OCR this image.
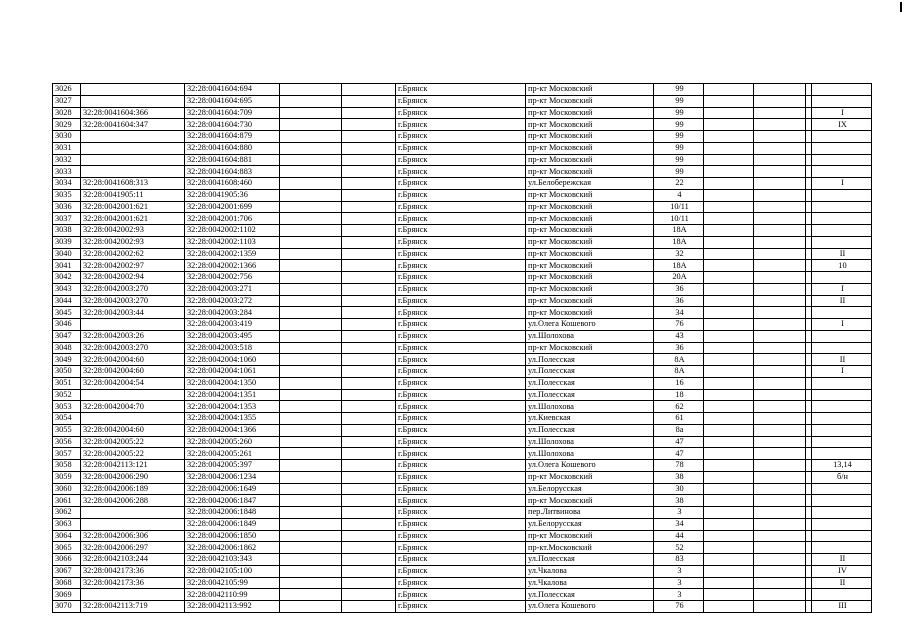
3026		32:28:0041604:694			г.Брянск	пр-кт Московский	99				
3027		32:28:0041604:695			г.Брянск	пр-кт Московский	99				
3028	32:28:0041604:366	32:28:0041604:709			г.Брянск	пр-кт Московский	99				I
3029	32:28:0041604:347	32:28:0041604:730			г.Брянск	пр-кт Московский	99				IX
3030		32:28:0041604:879			г.Брянск	пр-кт Московский	99				
3031		32:28:0041604:880			г.Брянск	пр-кт Московский	99				
3032		32:28:0041604:881			г.Брянск	пр-кт Московский	99				
3033		32:28:0041604:883			г.Брянск	пр-кт Московский	99				
3034	32:28:0041608:313	32:28:0041608:460			г.Брянск	ул.Белобережская	22				I
3035	32:28:0041905:11	32:28:0041905:36			г.Брянск	пр-кт Московский	4				
3036	32:28:0042001:621	32:28:0042001:699			г.Брянск	пр-кт Московский	10/11				
3037	32:28:0042001:621	32:28:0042001:706			г.Брянск	пр-кт Московский	10/11				
3038	32:28:0042002:93	32:28:0042002:1102			г.Брянск	пр-кт Московский	18А				
3039	32:28:0042002:93	32:28:0042002:1103			г.Брянск	пр-кт Московский	18А				
3040	32:28:0042002:62	32:28:0042002:1359			г.Брянск	пр-кт Московский	32				II
3041	32:28:0042002:97	32:28:0042002:1366			г.Брянск	пр-кт Московский	18А				10
3042	32:28:0042002:94	32:28:0042002:756			г.Брянск	пр-кт Московский	20А				
3043	32:28:0042003:270	32:28:0042003:271			г.Брянск	пр-кт Московский	36				I
3044	32:28:0042003:270	32:28:0042003:272			г.Брянск	пр-кт Московский	36				II
3045	32:28:0042003:44	32:28:0042003:284			г.Брянск	пр-кт Московский	34				
3046		32:28:0042003:419			г.Брянск	ул.Олега Кошевого	76				I
3047	32:28:0042003:26	32:28:0042003:495			г.Брянск	ул.Шолохова	43				
3048	32:28:0042003:270	32:28:0042003:518			г.Брянск	пр-кт Московский	36				
3049	32:28:0042004:60	32:28:0042004:1060			г.Брянск	ул.Полесская	8А				II
3050	32:28:0042004:60	32:28:0042004:1061			г.Брянск	ул.Полесская	8А				I
3051	32:28:0042004:54	32:28:0042004:1350			г.Брянск	ул.Полесская	16				
3052		32:28:0042004:1351			г.Брянск	ул.Полесская	18				
3053	32:28:0042004:70	32:28:0042004:1353			г.Брянск	ул.Шолохова	62				
3054		32:28:0042004:1355			г.Брянск	ул.Киевская	61				
3055	32:28:0042004:60	32:28:0042004:1366			г.Брянск	ул.Полесская	8а				
3056	32:28:0042005:22	32:28:0042005:260			г.Брянск	ул.Шолохова	47				
3057	32:28:0042005:22	32:28:0042005:261			г.Брянск	ул.Шолохова	47				
3058	32:28:0042113:121	32:28:0042005:397			г.Брянск	ул.Олега Кошевого	78				13,14
3059	32:28:0042006:290	32:28:0042006:1234			г.Брянск	пр-кт Московский	38				б/н
3060	32:28:0042006:189	32:28:0042006:1649			г.Брянск	ул.Белорусская	30				
3061	32:28:0042006:288	32:28:0042006:1847			г.Брянск	пр-кт Московский	38				
3062		32:28:0042006:1848			г.Брянск	пер.Литвинова	3				
3063		32:28:0042006:1849			г.Брянск	ул.Белорусская	34				
3064	32:28:0042006:306	32:28:0042006:1850			г.Брянск	пр-кт Московский	44				
3065	32:28:0042006:297	32:28:0042006:1862			г.Брянск	пр-кт.Московский	52				
3066	32:28:0042103:244	32:28:0042103:343			г.Брянск	ул.Полесская	83				II
3067	32:28:0042173:36	32:28:0042105:100			г.Брянск	ул.Чкалова	3				IV
3068	32:28:0042173:36	32:28:0042105:99			г.Брянск	ул.Чкалова	3				II
3069		32:28:0042110:99			г.Брянск	ул.Полесская	3				
3070	32:28:0042113:719	32:28:0042113:992			г.Брянск	ул.Олега Кошевого	76				III
